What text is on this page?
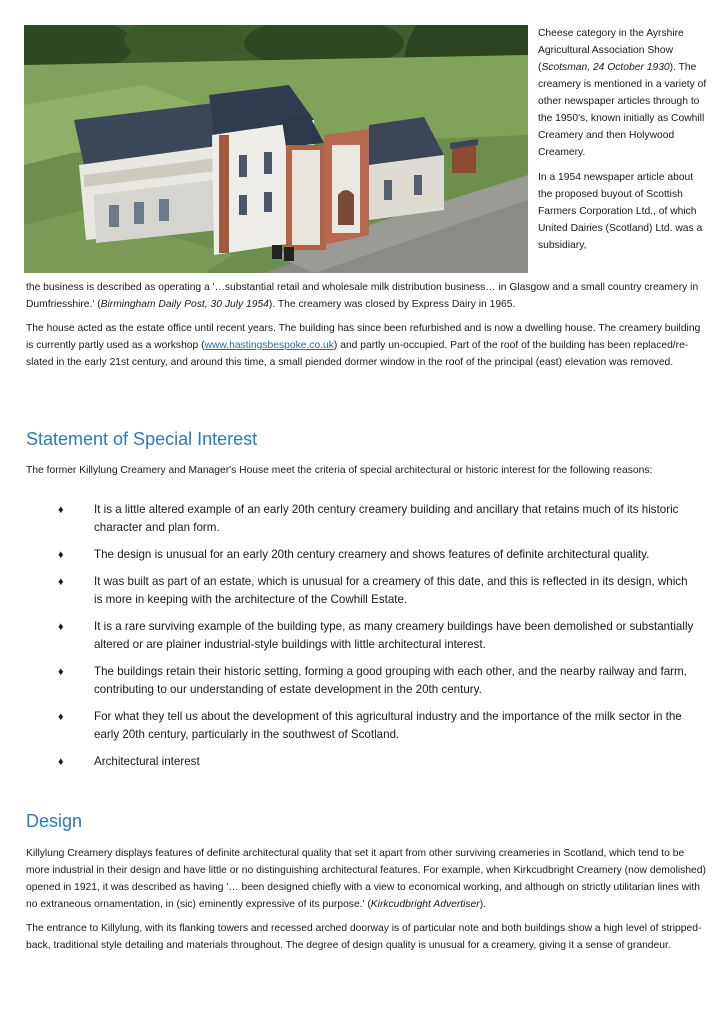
Cheese category in the Ayrshire Agricultural Association Show (Scotsman, 24 October 1930). The creamery is mentioned in a variety of other newspaper articles through to the 1950's, known initially as Cowhill Creamery and then Holywood Creamery.

In a 1954 newspaper article about the proposed buyout of Scottish Farmers Corporation Ltd., of which United Dairies (Scotland) Ltd. was a subsidiary,

the business is described as operating a '…substantial retail and wholesale milk distribution business… in Glasgow and a small country creamery in Dumfriesshire.' (Birmingham Daily Post, 30 July 1954). The creamery was closed by Express Dairy in 1965.

The house acted as the estate office until recent years. The building has since been refurbished and is now a dwelling house. The creamery building is currently partly used as a workshop (www.hastingsbespoke.co.uk) and partly un-occupied. Part of the roof of the building has been replaced/re-slated in the early 21st century, and around this time, a small piended dormer window in the roof of the principal (east) elevation was removed.

Statement of Special Interest

The former Killylung Creamery and Manager's House meet the criteria of special architectural or historic interest for the following reasons:

♦	It is a little altered example of an early 20th century creamery building and ancillary that retains much of its historic character and plan form.
♦	The design is unusual for an early 20th century creamery and shows features of definite architectural quality.
♦	It was built as part of an estate, which is unusual for a creamery of this date, and this is reflected in its design, which is more in keeping with the architecture of the Cowhill Estate.
♦	It is a rare surviving example of the building type, as many creamery buildings have been demolished or substantially altered or are plainer industrial-style buildings with little architectural interest.
♦	The buildings retain their historic setting, forming a good grouping with each other, and the nearby railway and farm, contributing to our understanding of estate development in the 20th century.
♦	For what they tell us about the development of this agricultural industry and the importance of the milk sector in the early 20th century, particularly in the southwest of Scotland.
♦	Architectural interest
Design

Killylung Creamery displays features of definite architectural quality that set it apart from other surviving creameries in Scotland, which tend to be more industrial in their design and have little or no distinguishing architectural features. For example, when Kirkcudbright Creamery (now demolished) opened in 1921, it was described as having '… been designed chiefly with a view to economical working, and although on strictly utilitarian lines with no extraneous ornamentation, in (sic) eminently expressive of its purpose.' (Kirkcudbright Advertiser).

The entrance to Killylung, with its flanking towers and recessed arched doorway is of particular note and both buildings show a high level of stripped-back, traditional style detailing and materials throughout. The degree of design quality is unusual for a creamery, giving it a sense of grandeur.
